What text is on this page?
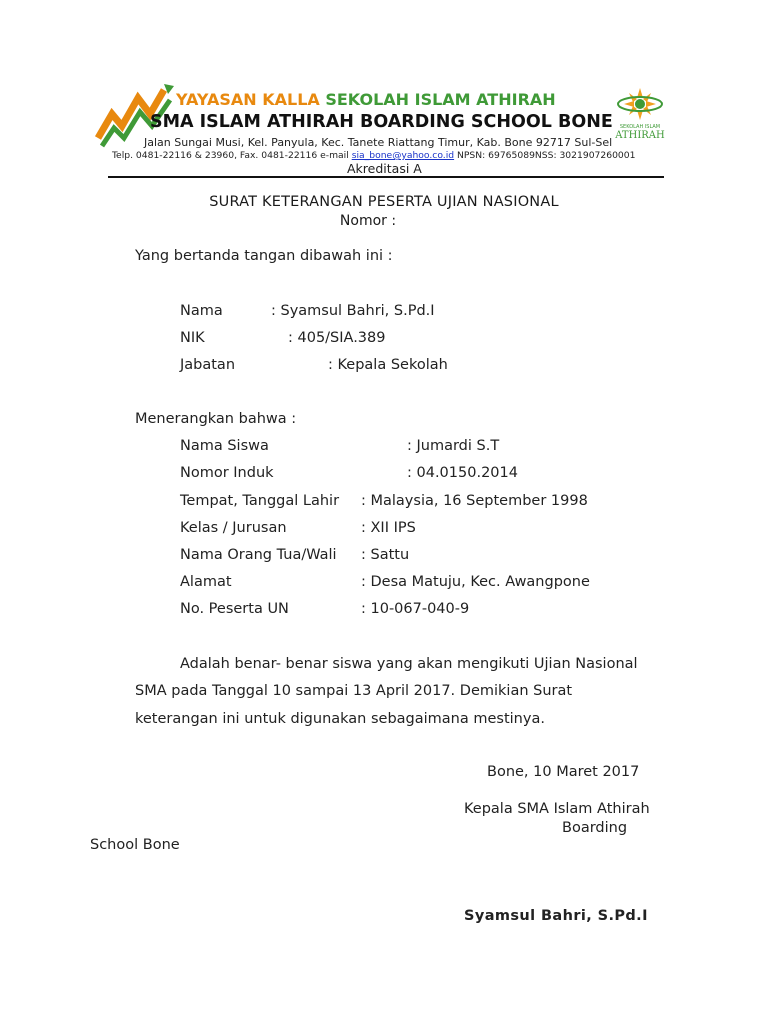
YAYASAN KALLA SEKOLAH ISLAM ATHIRAH
SMA ISLAM ATHIRAH BOARDING SCHOOL BONE
Jalan Sungai Musi, Kel. Panyula, Kec. Tanete Riattang Timur, Kab. Bone 92717 Sul-Sel
Telp. 0481-22116 & 23960, Fax. 0481-22116 e-mail sia_bone@yahoo.co.id NPSN: 69765089NSS: 3021907260001
Akreditasi A
SEKOLAH ISLAM
ATHIRAH
SURAT KETERANGAN PESERTA UJIAN NASIONAL
Nomor :
Yang bertanda tangan dibawah ini :
Nama	: Syamsul Bahri, S.Pd.I
NIK	: 405/SIA.389
Jabatan	: Kepala Sekolah
Menerangkan bahwa :
Nama Siswa	: Jumardi S.T
Nomor Induk	: 04.0150.2014
Tempat, Tanggal Lahir : Malaysia, 16 September 1998
Kelas / Jurusan	: XII IPS
Nama Orang Tua/Wali : Sattu
Alamat	: Desa Matuju, Kec. Awangpone
No. Peserta UN	: 10-067-040-9
Adalah benar- benar siswa yang akan mengikuti Ujian Nasional
SMA pada Tanggal 10 sampai 13 April 2017. Demikian Surat
keterangan ini untuk digunakan sebagaimana mestinya.
Bone, 10 Maret 2017
Kepala SMA Islam Athirah
Boarding
School Bone
Syamsul Bahri, S.Pd.I
